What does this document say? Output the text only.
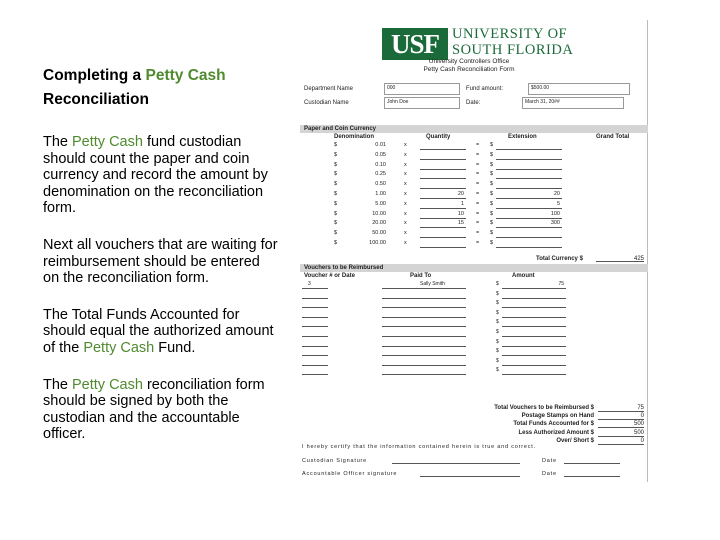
Completing a Petty Cash
Reconciliation
The Petty Cash fund custodian should count the paper and coin currency and record the amount by denomination on the reconciliation form.
Next all vouchers that are waiting for reimbursement should be entered on the reconciliation form.
The Total Funds Accounted for should equal the authorized amount of the Petty Cash Fund.
The Petty Cash reconciliation form should be signed by both the custodian and the accountable officer.
USF UNIVERSITY OF
SOUTH FLORIDA
University Controllers Office
Petty Cash Reconciliation Form
Department Name	000	Fund amount:	$500.00
Custodian Name	John Doe	Date:	March 31, 20##
Paper and Coin Currency
Denomination	Quantity	Extension	Grand Total
$	0.01	x	= $
$	0.05	x	= $
$	0.10	x	= $
$	0.25	x	= $
$	0.50	x	= $
$	1.00	x	20 = $	20
$	5.00	x	1 = $	5
$	10.00	x	10 = $	100
$	20.00	x	15 = $	300
$	50.00	x	= $
$	100.00	x	= $
Total Currency $	425
Vouchers to be Reimbursed
Voucher # or Date	Paid To	Amount
3	Sally Smith	$	75
$
$
$
$
$
$
$
$
$
Total Vouchers to be Reimbursed $	75
Postage Stamps on Hand	0
Total Funds Accounted for $	500
Less Authorized Amount $	500
Over/ Short $	0
I hereby certify that the information contained herein is true and correct.
Custodian Signature	Date
Accountable Officer signature	Date
